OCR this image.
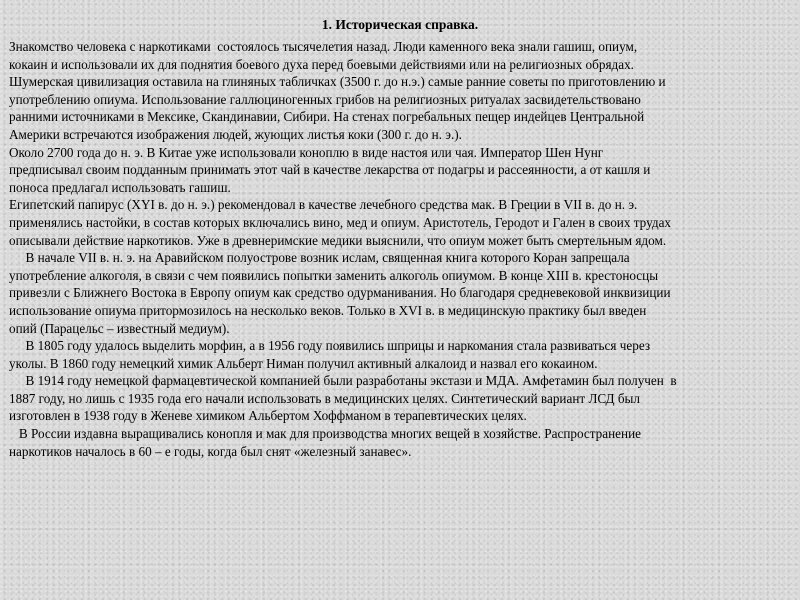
1. Историческая справка.
Знакомство человека с наркотиками  состоялось тысячелетия назад. Люди каменного века знали гашиш, опиум,
кокаин и использовали их для поднятия боевого духа перед боевыми действиями или на религиозных обрядах.
Шумерская цивилизация оставила на глиняных табличках (3500 г. до н.э.) самые ранние советы по приготовлению и
употреблению опиума. Использование галлюциногенных грибов на религиозных ритуалах засвидетельствовано
ранними источниками в Мексике, Скандинавии, Сибири. На стенах погребальных пещер индейцев Центральной
Америки встречаются изображения людей, жующих листья коки (300 г. до н. э.).
Около 2700 года до н. э. В Китае уже использовали коноплю в виде настоя или чая. Император Шен Нунг
предписывал своим подданным принимать этот чай в качестве лекарства от подагры и рассеянности, а от кашля и
поноса предлагал использовать гашиш.
Египетский папирус (XYI в. до н. э.) рекомендовал в качестве лечебного средства мак. В Греции в VII в. до н. э.
применялись настойки, в состав которых включались вино, мед и опиум. Аристотель, Геродот и Гален в своих трудах
описывали действие наркотиков. Уже в древнеримские медики выяснили, что опиум может быть смертельным ядом.
В начале VII в. н. э. на Аравийском полуострове возник ислам, священная книга которого Коран запрещала
употребление алкоголя, в связи с чем появились попытки заменить алкоголь опиумом. В конце XIII в. крестоносцы
привезли с Ближнего Востока в Европу опиум как средство одурманивания. Но благодаря средневековой инквизиции
использование опиума притормозилось на несколько веков. Только в XVI в. в медицинскую практику был введен
опий (Парацельс – известный медиум).
В 1805 году удалось выделить морфин, а в 1956 году появились шприцы и наркомания стала развиваться через
уколы. В 1860 году немецкий химик Альберт Ниман получил активный алкалоид и назвал его кокаином.
В 1914 году немецкой фармацевтической компанией были разработаны экстази и МДА. Амфетамин был получен  в
1887 году, но лишь с 1935 года его начали использовать в медицинских целях. Синтетический вариант ЛСД был
изготовлен в 1938 году в Женеве химиком Альбертом Хоффманом в терапевтических целях.
В России издавна выращивались конопля и мак для производства многих вещей в хозяйстве. Распространение
наркотиков началось в 60 – е годы, когда был снят «железный занавес».
